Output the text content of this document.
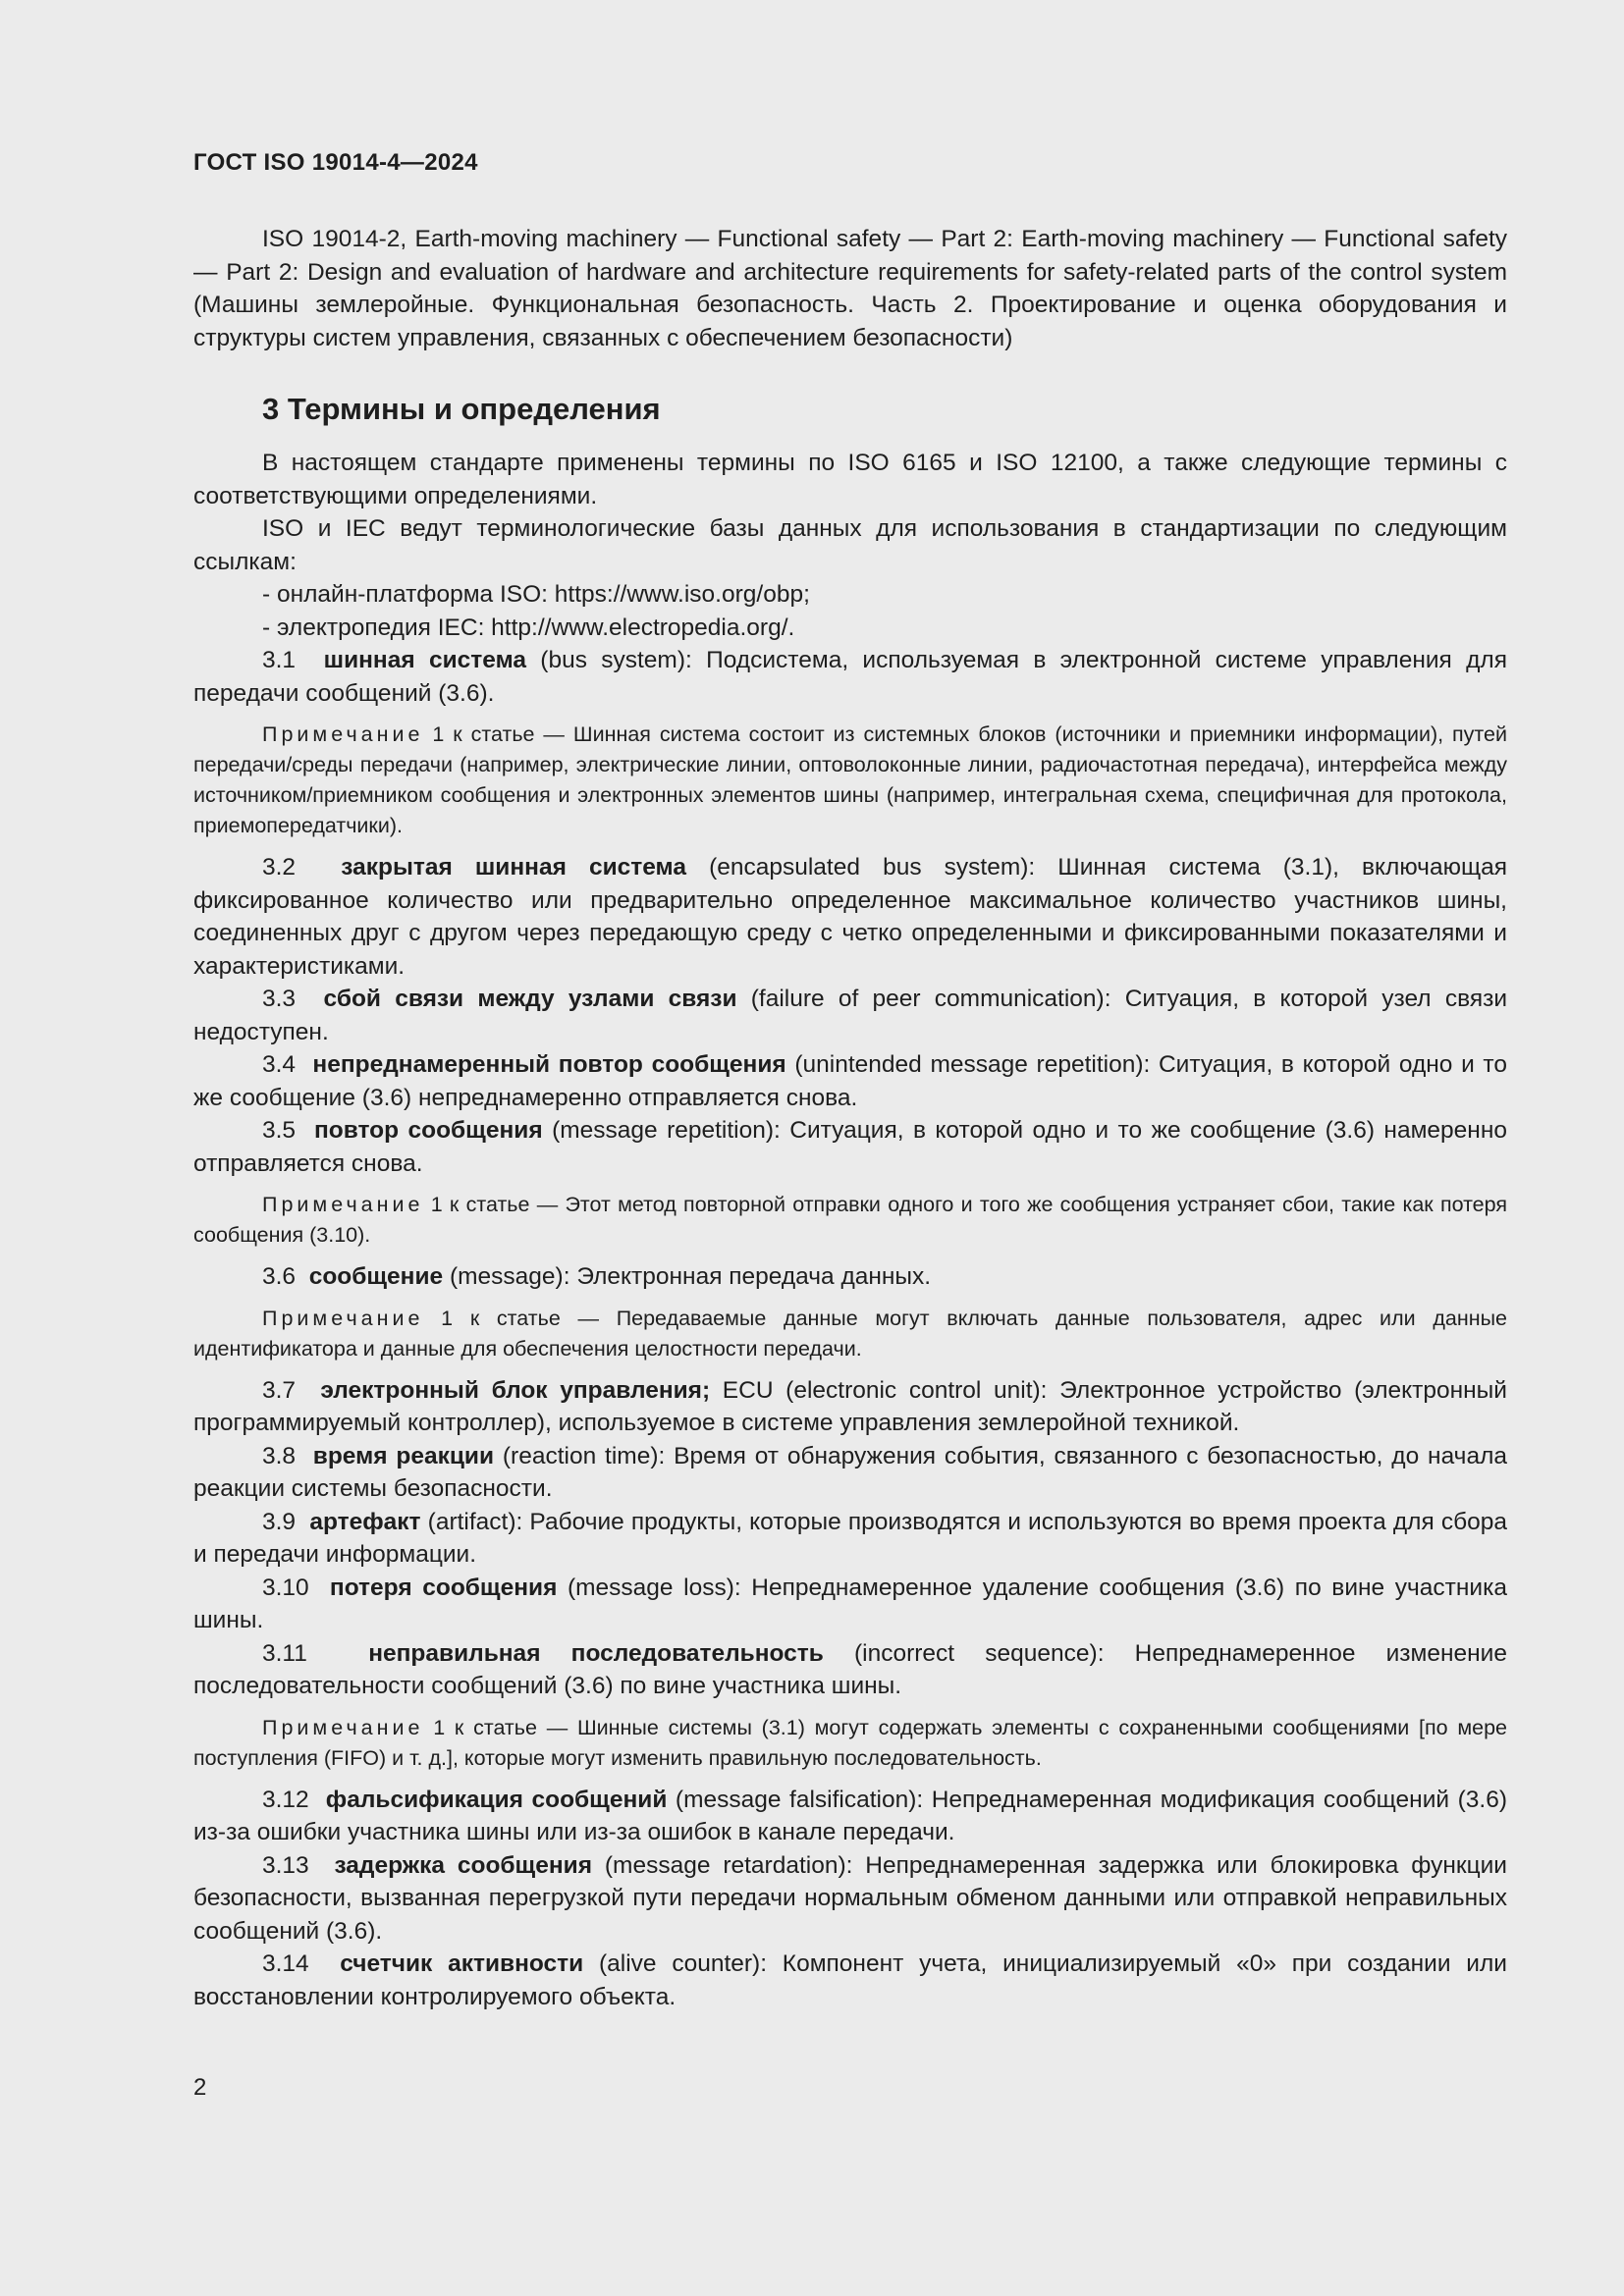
ГОСТ ISO 19014-4—2024

ISO 19014-2, Earth-moving machinery — Functional safety — Part 2: Earth-moving machinery — Functional safety — Part 2: Design and evaluation of hardware and architecture requirements for safety-related parts of the control system (Машины землеройные. Функциональная безопасность. Часть 2. Проектирование и оценка оборудования и структуры систем управления, связанных с обеспечением безопасности)

3 Термины и определения

В настоящем стандарте применены термины по ISO 6165 и ISO 12100, а также следующие термины с соответствующими определениями.

ISO и IEC ведут терминологические базы данных для использования в стандартизации по следующим ссылкам:

- онлайн-платформа ISO: https://www.iso.org/obp;
- электропедия IEC: http://www.electropedia.org/.

3.1 шинная система (bus system): Подсистема, используемая в электронной системе управления для передачи сообщений (3.6).

Примечание 1 к статье — Шинная система состоит из системных блоков (источники и приемники информации), путей передачи/среды передачи (например, электрические линии, оптоволоконные линии, радиочастотная передача), интерфейса между источником/приемником сообщения и электронных элементов шины (например, интегральная схема, специфичная для протокола, приемопередатчики).

3.2 закрытая шинная система (encapsulated bus system): Шинная система (3.1), включающая фиксированное количество или предварительно определенное максимальное количество участников шины, соединенных друг с другом через передающую среду с четко определенными и фиксированными показателями и характеристиками.

3.3 сбой связи между узлами связи (failure of peer communication): Ситуация, в которой узел связи недоступен.

3.4 непреднамеренный повтор сообщения (unintended message repetition): Ситуация, в которой одно и то же сообщение (3.6) непреднамеренно отправляется снова.

3.5 повтор сообщения (message repetition): Ситуация, в которой одно и то же сообщение (3.6) намеренно отправляется снова.

Примечание 1 к статье — Этот метод повторной отправки одного и того же сообщения устраняет сбои, такие как потеря сообщения (3.10).

3.6 сообщение (message): Электронная передача данных.

Примечание 1 к статье — Передаваемые данные могут включать данные пользователя, адрес или данные идентификатора и данные для обеспечения целостности передачи.

3.7 электронный блок управления; ECU (electronic control unit): Электронное устройство (электронный программируемый контроллер), используемое в системе управления землеройной техникой.

3.8 время реакции (reaction time): Время от обнаружения события, связанного с безопасностью, до начала реакции системы безопасности.

3.9 артефакт (artifact): Рабочие продукты, которые производятся и используются во время проекта для сбора и передачи информации.

3.10 потеря сообщения (message loss): Непреднамеренное удаление сообщения (3.6) по вине участника шины.

3.11	неправильная последовательность (incorrect sequence): Непреднамеренное изменение последовательности сообщений (3.6) по вине участника шины.

Примечание 1 к статье — Шинные системы (3.1) могут содержать элементы с сохраненными сообщениями [по мере поступления (FIFO) и т. д.], которые могут изменить правильную последовательность.

3.12 фальсификация сообщений (message falsification): Непреднамеренная модификация сообщений (3.6) из-за ошибки участника шины или из-за ошибок в канале передачи.

3.13 задержка сообщения (message retardation): Непреднамеренная задержка или блокировка функции безопасности, вызванная перегрузкой пути передачи нормальным обменом данными или отправкой неправильных сообщений (3.6).

3.14 счетчик активности (alive counter): Компонент учета, инициализируемый «0» при создании или восстановлении контролируемого объекта.

2
